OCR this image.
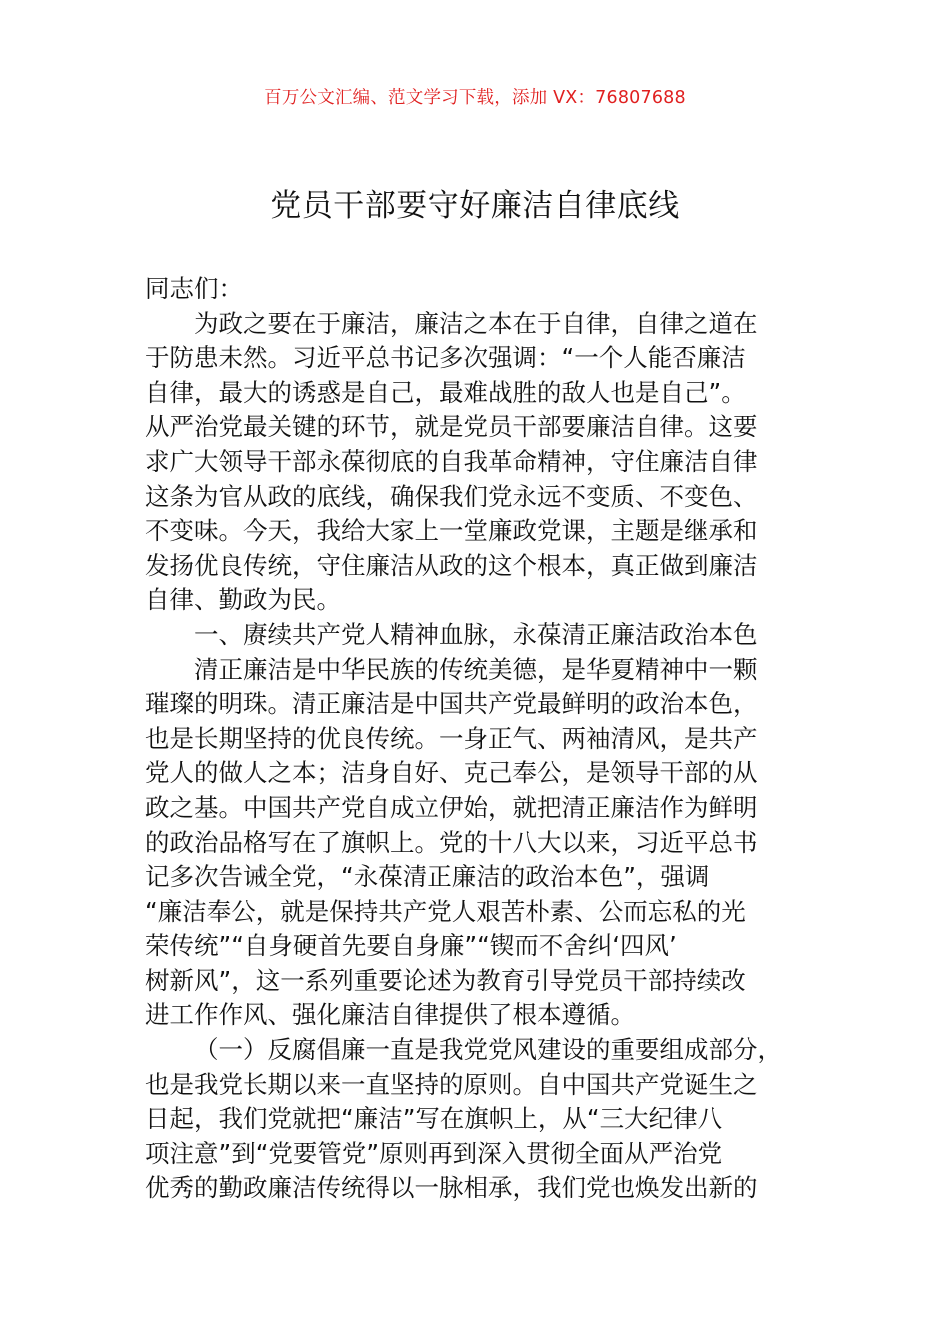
百万公文汇编、范文学习下载，添加 VX：76807688
党员干部要守好廉洁自律底线
同志们：
为政之要在于廉洁，廉洁之本在于自律，自律之道在
于防患未然。习近平总书记多次强调：“一个人能否廉洁
自律，最大的诱惑是自己，最难战胜的敌人也是自己”。
从严治党最关键的环节，就是党员干部要廉洁自律。这要
求广大领导干部永葆彻底的自我革命精神，守住廉洁自律
这条为官从政的底线，确保我们党永远不变质、不变色、
不变味。今天，我给大家上一堂廉政党课，主题是继承和
发扬优良传统，守住廉洁从政的这个根本，真正做到廉洁
自律、勤政为民。
一、赓续共产党人精神血脉，永葆清正廉洁政治本色
清正廉洁是中华民族的传统美德，是华夏精神中一颗
璀璨的明珠。清正廉洁是中国共产党最鲜明的政治本色，
也是长期坚持的优良传统。一身正气、两袖清风，是共产
党人的做人之本；洁身自好、克己奉公，是领导干部的从
政之基。中国共产党自成立伊始，就把清正廉洁作为鲜明
的政治品格写在了旗帜上。党的十八大以来，习近平总书
记多次告诫全党，“永葆清正廉洁的政治本色”，强调
“廉洁奉公，就是保持共产党人艰苦朴素、公而忘私的光
荣传统”“自身硬首先要自身廉”“锲而不舍纠‘四风’
树新风”，这一系列重要论述为教育引导党员干部持续改
进工作作风、强化廉洁自律提供了根本遵循。
（一）反腐倡廉一直是我党党风建设的重要组成部分，
也是我党长期以来一直坚持的原则。自中国共产党诞生之
日起，我们党就把“廉洁”写在旗帜上，从“三大纪律八
项注意”到“党要管党”原则再到深入贯彻全面从严治党
优秀的勤政廉洁传统得以一脉相承，我们党也焕发出新的
